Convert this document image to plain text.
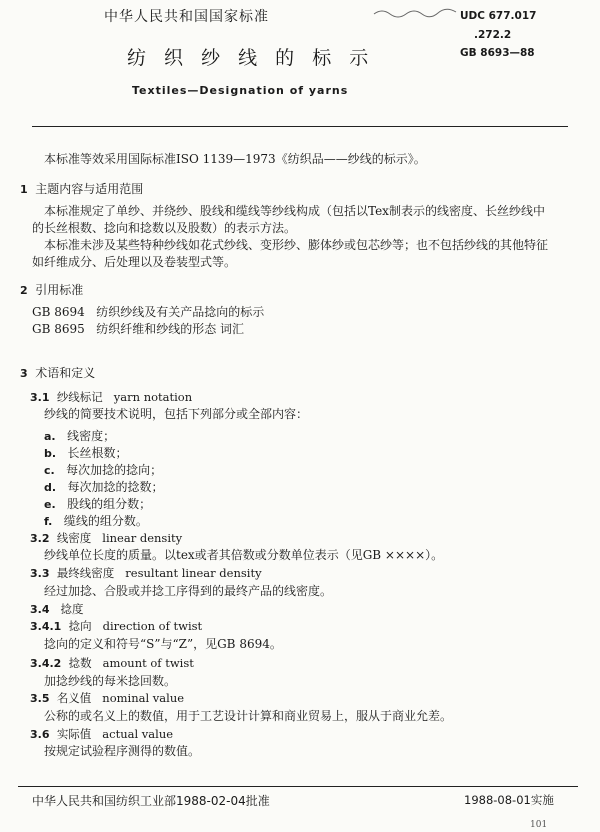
中华人民共和国国家标准	UDC 677.017
.272.2
GB 8693—88
纺 织 纱 线 的 标 示
Textiles—Designation of yarns
本标准等效采用国际标准ISO 1139—1973《纺织品——纱线的标示》。
1 主题内容与适用范围
本标准规定了单纱、并绕纱、股线和缆线等纱线构成（包括以Tex制表示的线密度、长丝纱线中
的长丝根数、捻向和捻数以及股数）的表示方法。
本标准未涉及某些特种纱线如花式纱线、变形纱、膨体纱或包芯纱等；也不包括纱线的其他特征
如纤维成分、后处理以及卷装型式等。
2 引用标准
GB 8694 纺织纱线及有关产品捻向的标示
GB 8695 纺织纤维和纱线的形态 词汇
3 术语和定义
3.1 纱线标记 yarn notation
纱线的简要技术说明，包括下列部分或全部内容：
a. 线密度；
b. 长丝根数；
c. 每次加捻的捻向；
d. 每次加捻的捻数；
e. 股线的组分数；
f. 缆线的组分数。
3.2 线密度 linear density
纱线单位长度的质量。以tex或者其倍数或分数单位表示（见GB ××××）。
3.3 最终线密度 resultant linear density
经过加捻、合股或并捻工序得到的最终产品的线密度。
3.4 捻度
3.4.1 捻向 direction of twist
捻向的定义和符号“S”与“Z”，见GB 8694。
3.4.2 捻数 amount of twist
加捻纱线的每米捻回数。
3.5 名义值 nominal value
公称的或名义上的数值，用于工艺设计计算和商业贸易上，服从于商业允差。
3.6 实际值 actual value
按规定试验程序测得的数值。
中华人民共和国纺织工业部1988-02-04批准	1988-08-01实施
101
